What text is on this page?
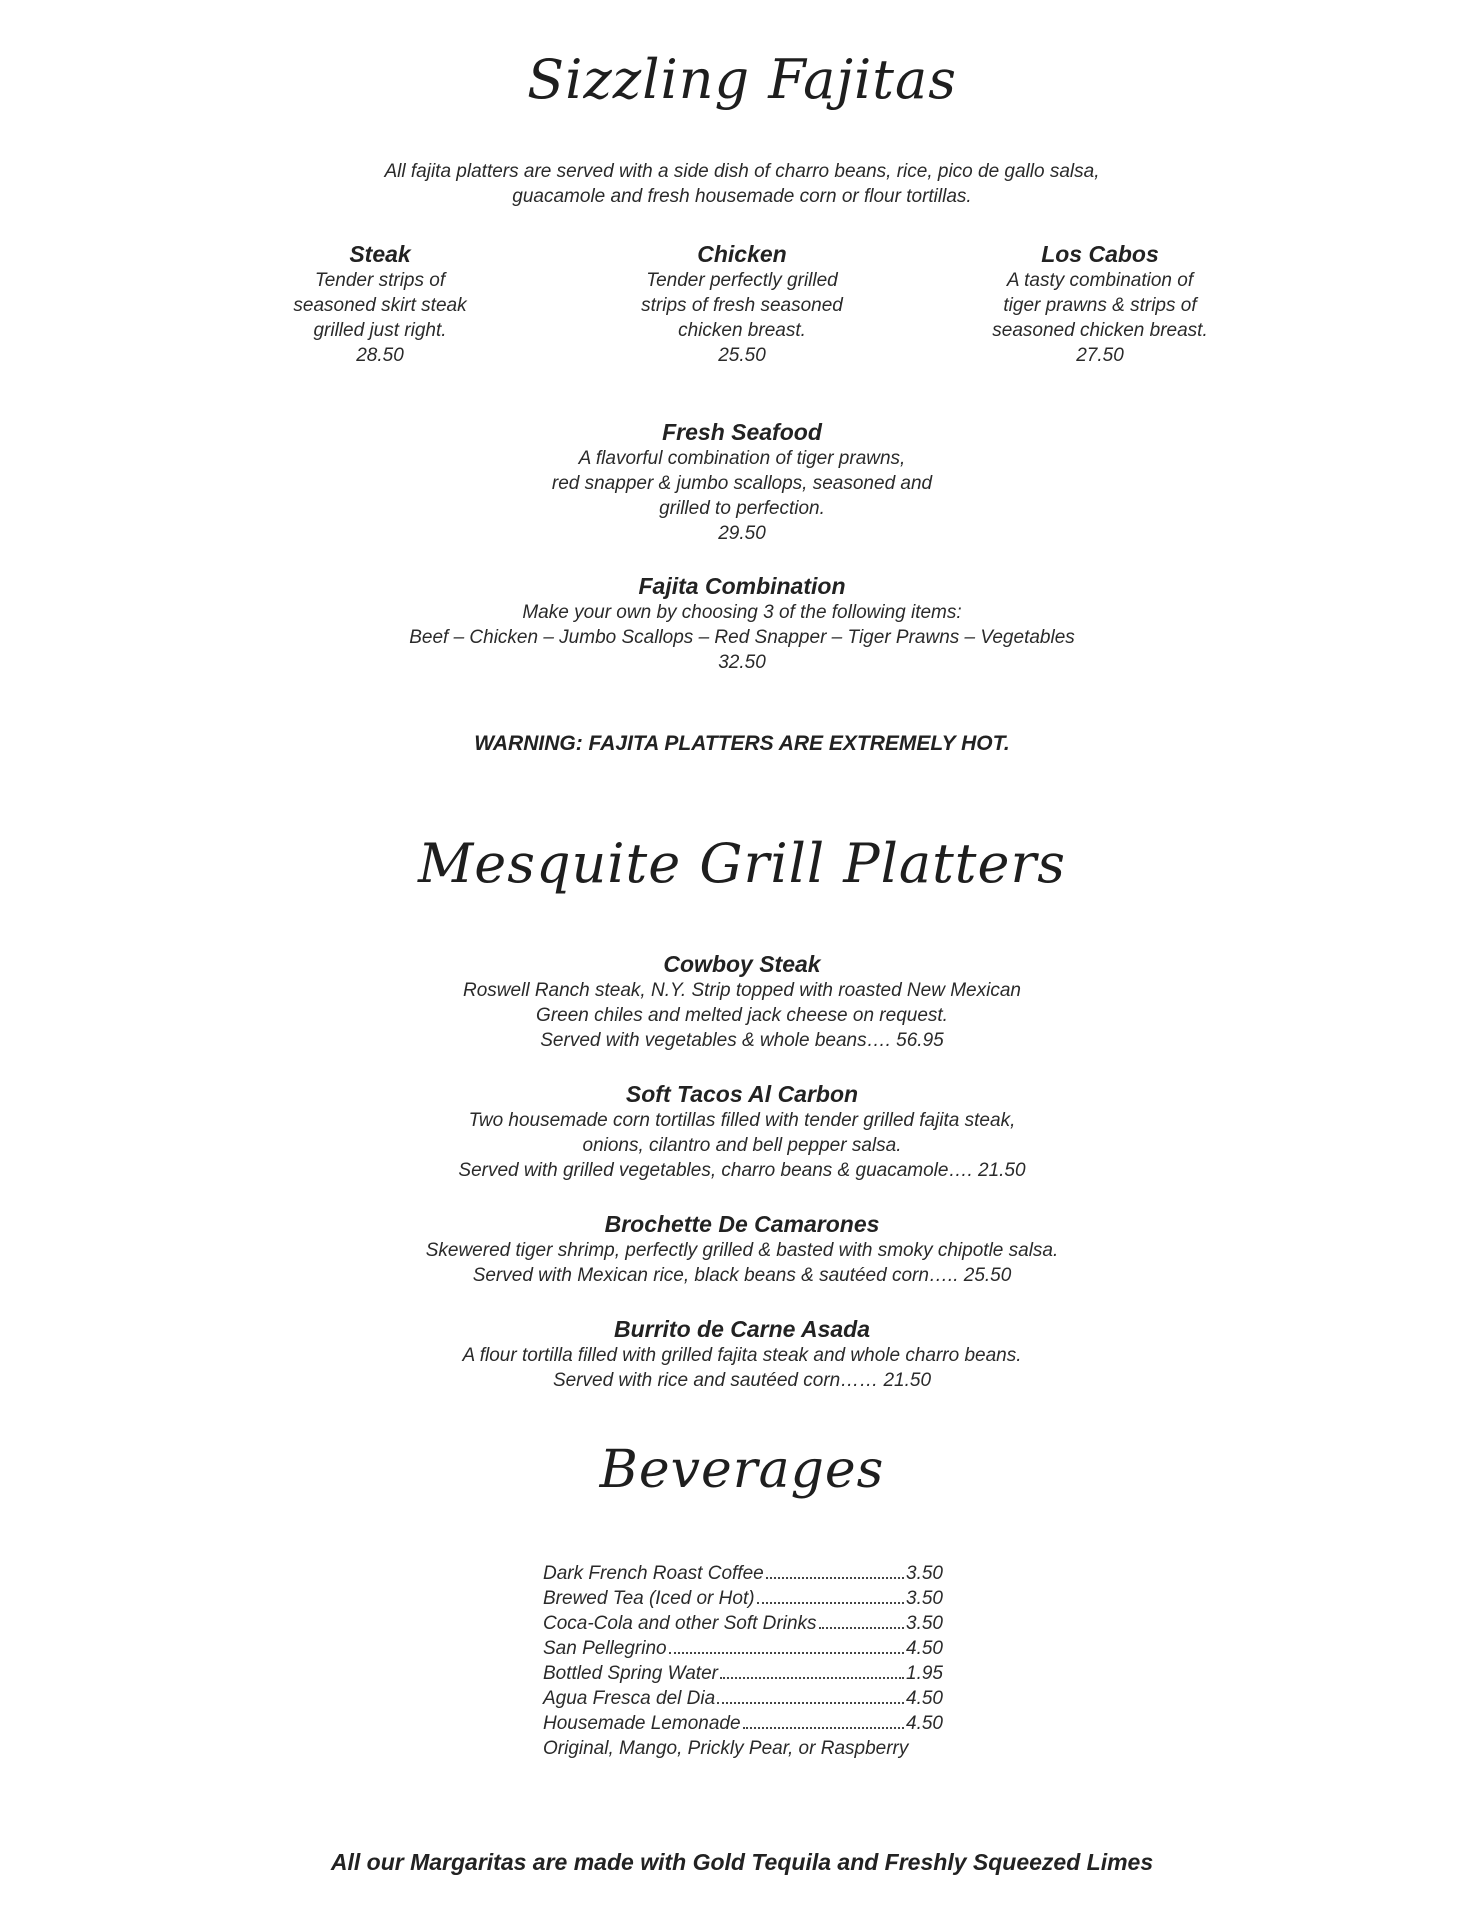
Sizzling Fajitas

All fajita platters are served with a side dish of charro beans, rice, pico de gallo salsa,

guacamole and fresh housemade corn or flour tortillas.

Steak

Tender strips of

seasoned skirt steak

grilled just right.

28.50

Chicken

Tender perfectly grilled

strips of fresh seasoned

chicken breast.

25.50

Los Cabos

A tasty combination of

tiger prawns & strips of

seasoned chicken breast.

27.50

Fresh Seafood

A flavorful combination of tiger prawns,

red snapper & jumbo scallops, seasoned and

grilled to perfection.

29.50

Fajita Combination

Make your own by choosing 3 of the following items:

Beef – Chicken – Jumbo Scallops – Red Snapper – Tiger Prawns – Vegetables

32.50

WARNING: FAJITA PLATTERS ARE EXTREMELY HOT.

Mesquite Grill Platters

Cowboy Steak

Roswell Ranch steak, N.Y. Strip topped with roasted New Mexican

Green chiles and melted jack cheese on request.

Served with vegetables & whole beans…. 56.95

Soft Tacos Al Carbon

Two housemade corn tortillas filled with tender grilled fajita steak,

onions, cilantro and bell pepper salsa.

Served with grilled vegetables, charro beans & guacamole…. 21.50

Brochette De Camarones

Skewered tiger shrimp, perfectly grilled & basted with smoky chipotle salsa.

Served with Mexican rice, black beans & sautéed corn….. 25.50

Burrito de Carne Asada

A flour tortilla filled with grilled fajita steak and whole charro beans.

Served with rice and sautéed corn…… 21.50

Beverages
Dark French Roast Coffee	3.50
Brewed Tea (Iced or Hot)	3.50
Coca-Cola and other Soft Drinks	3.50
San Pellegrino	4.50
Bottled Spring Water	1.95
Agua Fresca del Dia	4.50
Housemade Lemonade	4.50
Original, Mango, Prickly Pear, or Raspberry

All our Margaritas are made with Gold Tequila and Freshly Squeezed Limes
